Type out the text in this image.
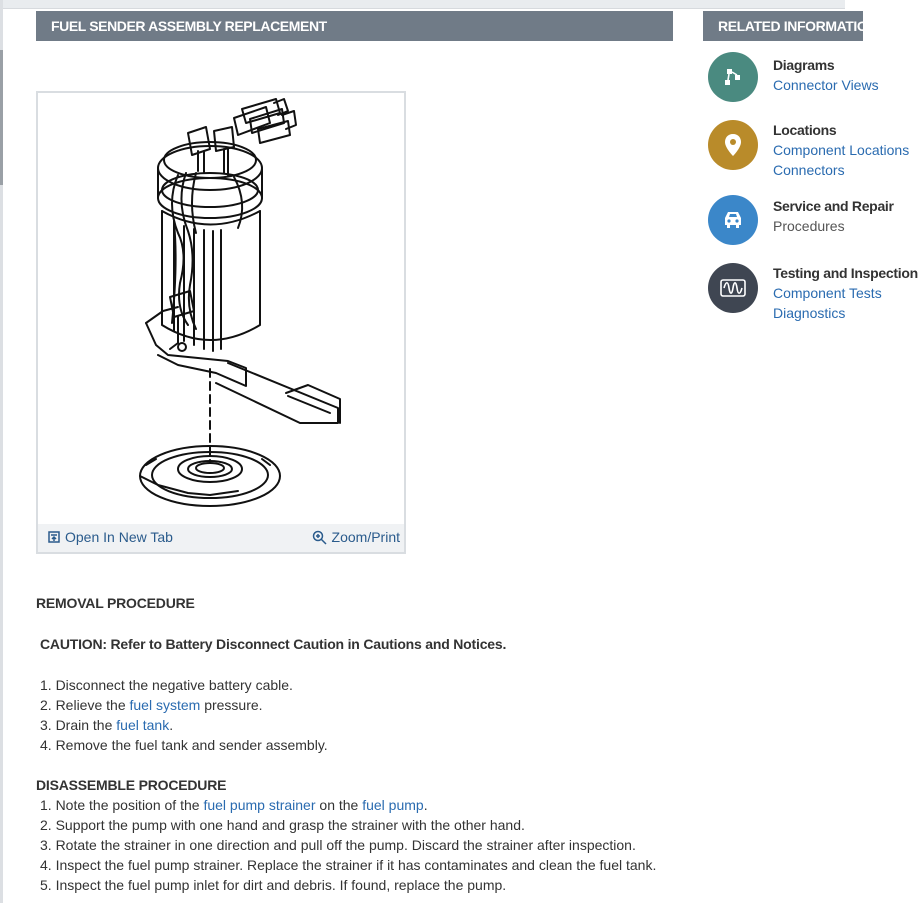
FUEL SENDER ASSEMBLY REPLACEMENT	RELATED INFORMATION
Open In New Tab	Zoom/Print
Diagrams
Connector Views
Locations
Component Locations
Connectors
Service and Repair
Procedures
Testing and Inspection
Component Tests
Diagnostics
REMOVAL PROCEDURE
CAUTION: Refer to Battery Disconnect Caution in Cautions and Notices.
1. Disconnect the negative battery cable.
2. Relieve the fuel system pressure.
3. Drain the fuel tank.
4. Remove the fuel tank and sender assembly.
DISASSEMBLE PROCEDURE
1. Note the position of the fuel pump strainer on the fuel pump.
2. Support the pump with one hand and grasp the strainer with the other hand.
3. Rotate the strainer in one direction and pull off the pump. Discard the strainer after inspection.
4. Inspect the fuel pump strainer. Replace the strainer if it has contaminates and clean the fuel tank.
5. Inspect the fuel pump inlet for dirt and debris. If found, replace the pump.
